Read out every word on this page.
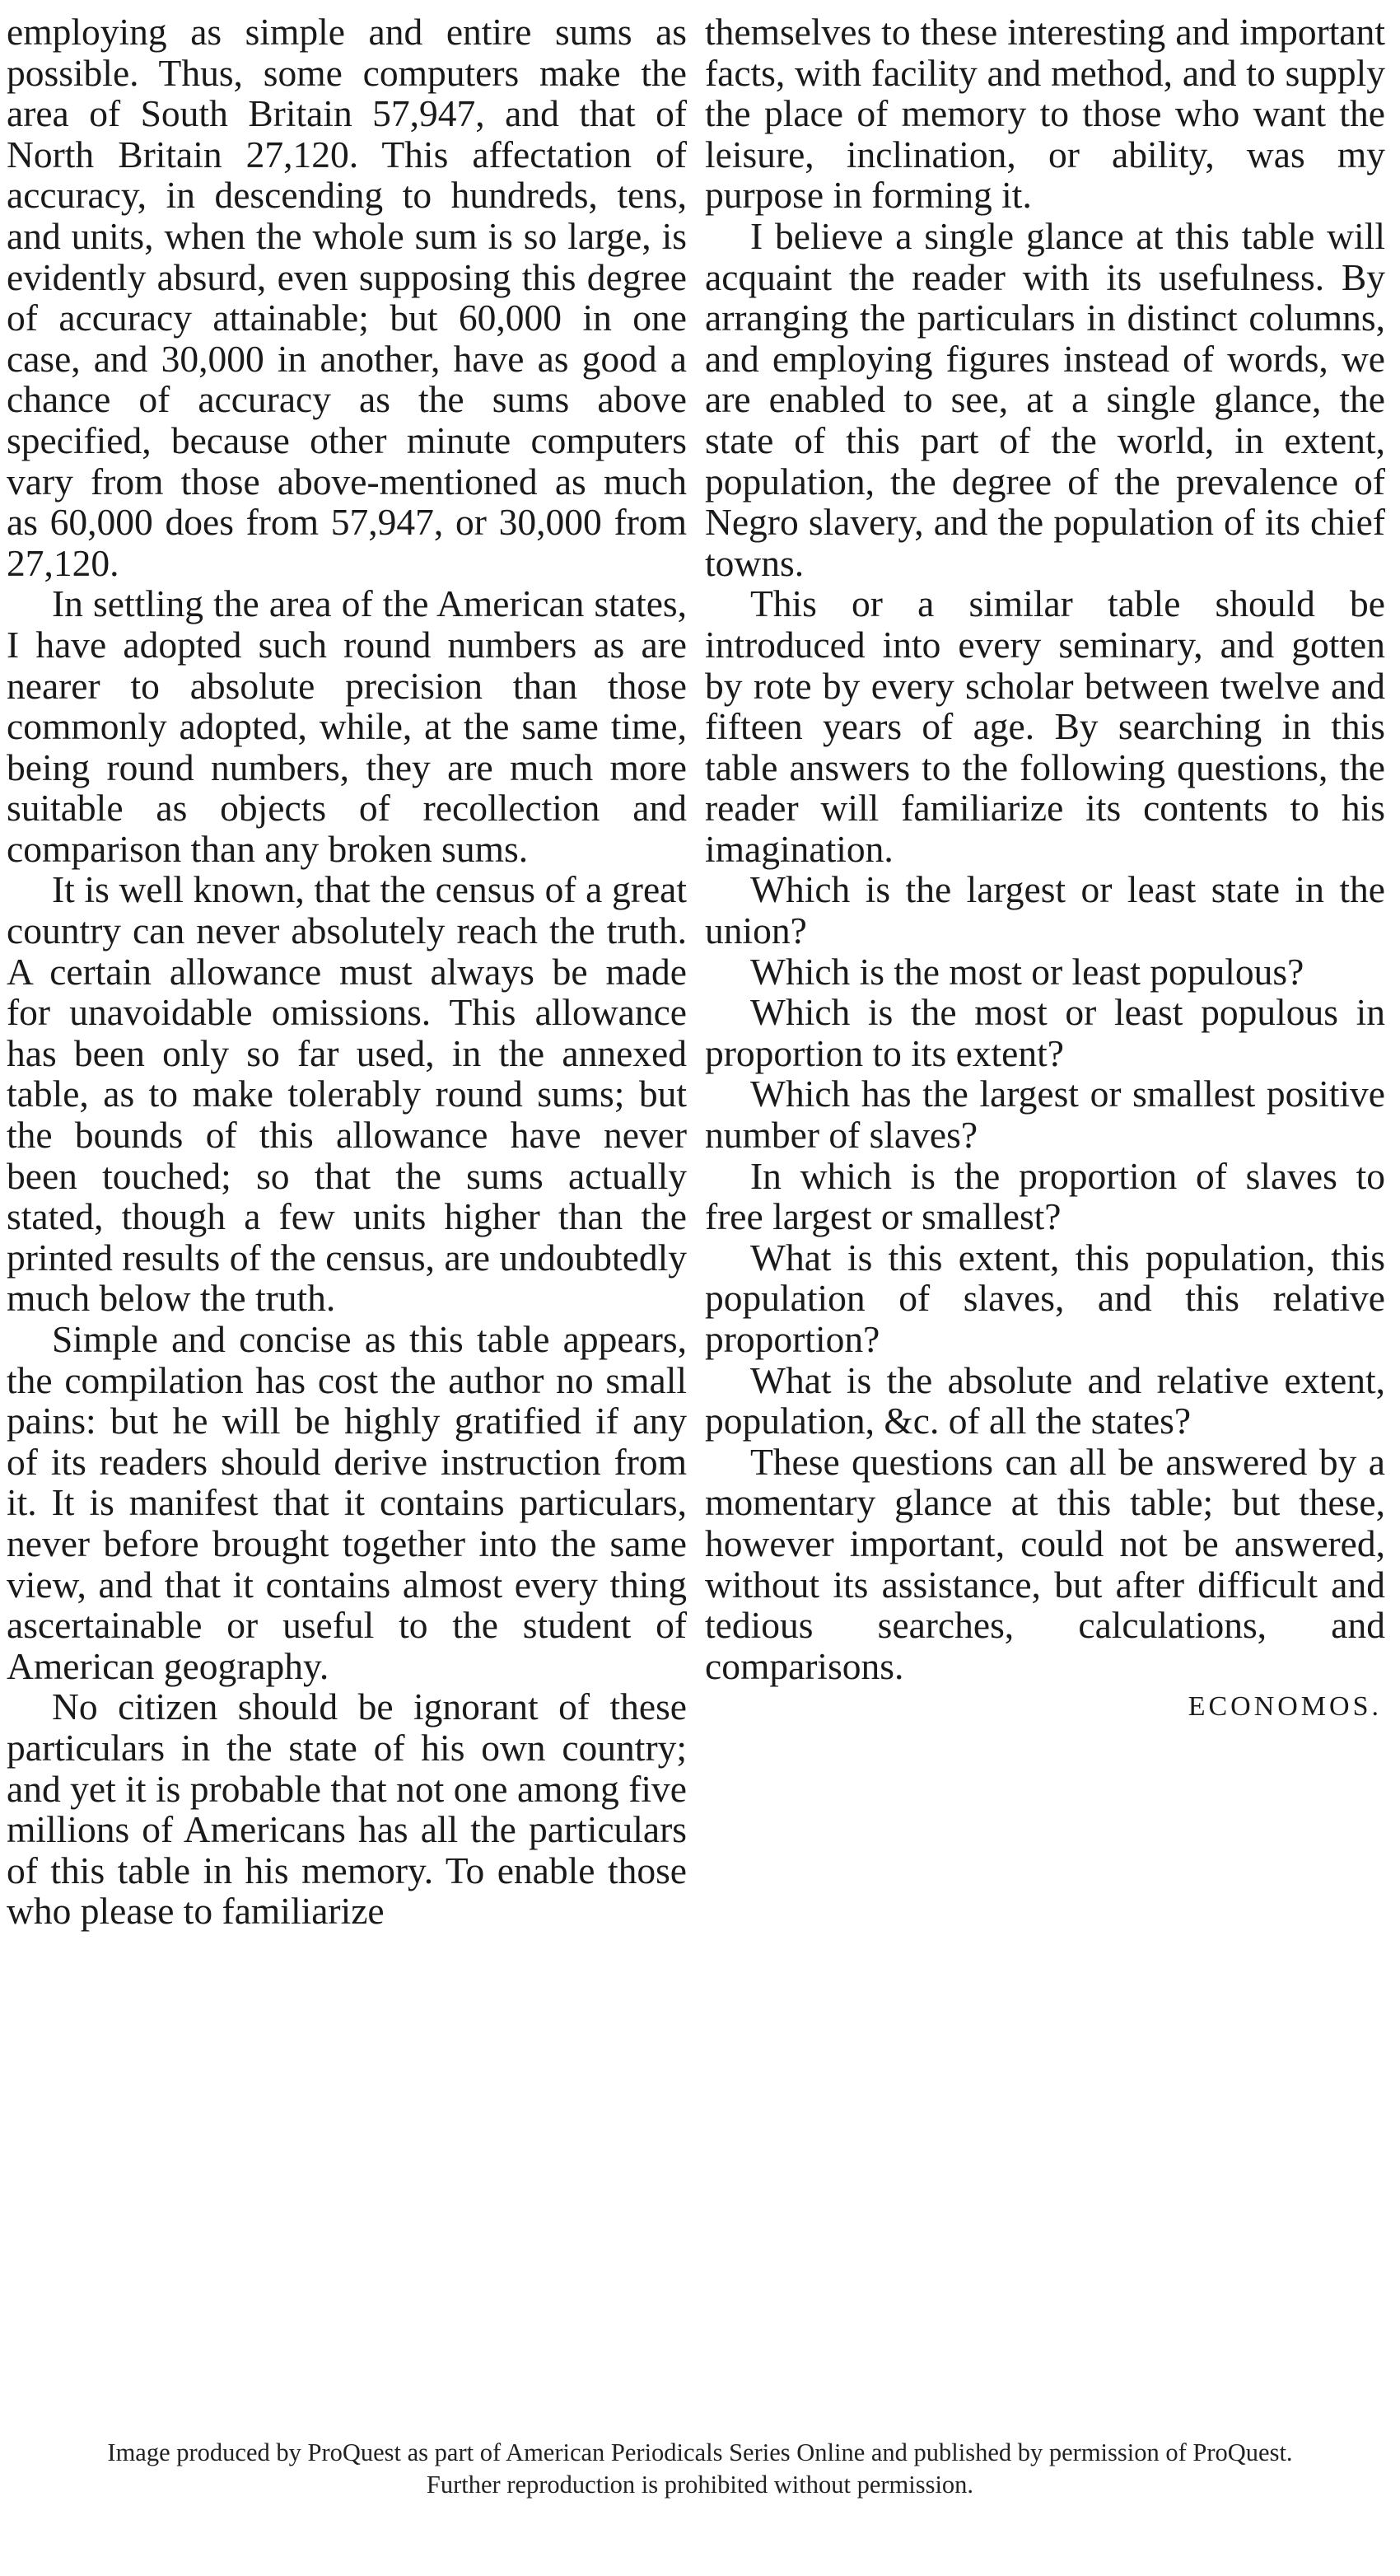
employing as simple and entire sums as possible. Thus, some computers make the area of South Britain 57,947, and that of North Britain 27,120. This affectation of accuracy, in descending to hundreds, tens, and units, when the whole sum is so large, is evidently absurd, even supposing this degree of accuracy attainable; but 60,000 in one case, and 30,000 in another, have as good a chance of accuracy as the sums above specified, because other minute computers vary from those above-mentioned as much as 60,000 does from 57,947, or 30,000 from 27,120.

In settling the area of the American states, I have adopted such round numbers as are nearer to absolute precision than those commonly adopted, while, at the same time, being round numbers, they are much more suitable as objects of recollection and comparison than any broken sums.

It is well known, that the census of a great country can never absolutely reach the truth. A certain allowance must always be made for unavoidable omissions. This allowance has been only so far used, in the annexed table, as to make tolerably round sums; but the bounds of this allowance have never been touched; so that the sums actually stated, though a few units higher than the printed results of the census, are undoubtedly much below the truth.

Simple and concise as this table appears, the compilation has cost the author no small pains: but he will be highly gratified if any of its readers should derive instruction from it. It is manifest that it contains particulars, never before brought together into the same view, and that it contains almost every thing ascertainable or useful to the student of American geography.

No citizen should be ignorant of these particulars in the state of his own country; and yet it is probable that not one among five millions of Americans has all the particulars of this table in his memory. To enable those who please to familiarize

themselves to these interesting and important facts, with facility and method, and to supply the place of memory to those who want the leisure, inclination, or ability, was my purpose in forming it.

I believe a single glance at this table will acquaint the reader with its usefulness. By arranging the particulars in distinct columns, and employing figures instead of words, we are enabled to see, at a single glance, the state of this part of the world, in extent, population, the degree of the prevalence of Negro slavery, and the population of its chief towns.

This or a similar table should be introduced into every seminary, and gotten by rote by every scholar between twelve and fifteen years of age. By searching in this table answers to the following questions, the reader will familiarize its contents to his imagination.

Which is the largest or least state in the union?

Which is the most or least populous?

Which is the most or least populous in proportion to its extent?

Which has the largest or smallest positive number of slaves?

In which is the proportion of slaves to free largest or smallest?

What is this extent, this population, this population of slaves, and this relative proportion?

What is the absolute and relative extent, population, &c. of all the states?

These questions can all be answered by a momentary glance at this table; but these, however important, could not be answered, without its assistance, but after difficult and tedious searches, calculations, and comparisons.

ECONOMOS.
Image produced by ProQuest as part of American Periodicals Series Online and published by permission of ProQuest.
Further reproduction is prohibited without permission.
